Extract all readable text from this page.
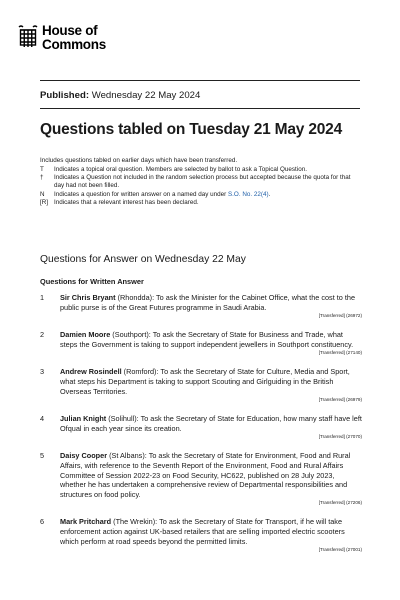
House of
Commons
Published: Wednesday 22 May 2024
Questions tabled on Tuesday 21 May 2024
Includes questions tabled on earlier days which have been transferred.
T	Indicates a topical oral question. Members are selected by ballot to ask a Topical Question.
†	Indicates a Question not included in the random selection process but accepted because the quota for that day had not been filled.
N	Indicates a question for written answer on a named day under S.O. No. 22(4).
[R] Indicates that a relevant interest has been declared.
Questions for Answer on Wednesday 22 May
Questions for Written Answer
1	Sir Chris Bryant (Rhondda): To ask the Minister for the Cabinet Office, what the cost to the public purse is of the Great Futures programme in Saudi Arabia.
[Transferred] (26972)
2	Damien Moore (Southport): To ask the Secretary of State for Business and Trade, what steps the Government is taking to support independent jewellers in Southport constituency.
[Transferred] (27140)
3	Andrew Rosindell (Romford): To ask the Secretary of State for Culture, Media and Sport, what steps his Department is taking to support Scouting and Girlguiding in the British Overseas Territories.
[Transferred] (26979)
4	Julian Knight (Solihull): To ask the Secretary of State for Education, how many staff have left Ofqual in each year since its creation.
[Transferred] (27070)
5	Daisy Cooper (St Albans): To ask the Secretary of State for Environment, Food and Rural Affairs, with reference to the Seventh Report of the Environment, Food and Rural Affairs Committee of Session 2022-23 on Food Security, HC622, published on 28 July 2023, whether he has undertaken a comprehensive review of Departmental responsibilities and structures on food policy.
[Transferred] (27206)
6	Mark Pritchard (The Wrekin): To ask the Secretary of State for Transport, if he will take enforcement action against UK-based retailers that are selling imported electric scooters which perform at road speeds beyond the permitted limits.
[Transferred] (27001)
